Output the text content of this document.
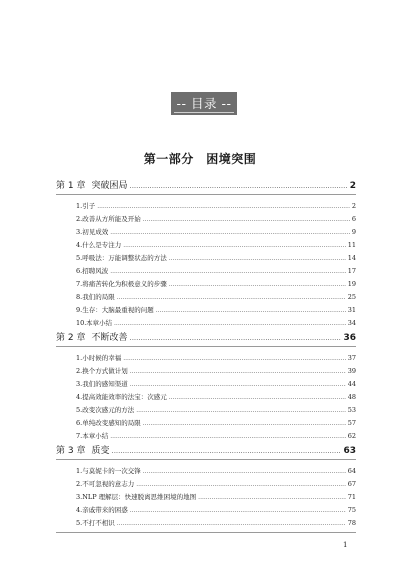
-- 目录 --
第一部分　困境突围
第 1 章 突破困局 .....	2
1. 引子 .....	2
2. 改善从方所能及开始 .....	6
3. 初见成效 .....	9
4. 什么是专注力 .....	11
5. 呼吸法：万能调整状态的方法 .....	14
6. 招聘风波 .....	17
7. 将痛苦转化为积极意义的步骤 .....	19
8. 我们的局限 .....	25
9. 生存：大脑最重视的问题 .....	31
10. 本章小结 .....	34
第 2 章 不断改善 .....	36
1. 小时候的幸福 .....	37
2. 换个方式做计划 .....	39
3. 我们的感知渠道 .....	44
4. 提高效能效率的法宝：次感元 .....	48
5. 改变次感元的方法 .....	53
6. 单纯改变感知的局限 .....	57
7. 本章小结 .....	62
第 3 章 质变 .....	63
1. 与莫妮卡的一次交锋 .....	64
2. 不可忽视的意志力 .....	67
3. NLP 理解层：快速脱离思维困境的地图 .....	71
4. 亲戚带来的困惑 .....	75
5. 不打不相识 .....	78
1
